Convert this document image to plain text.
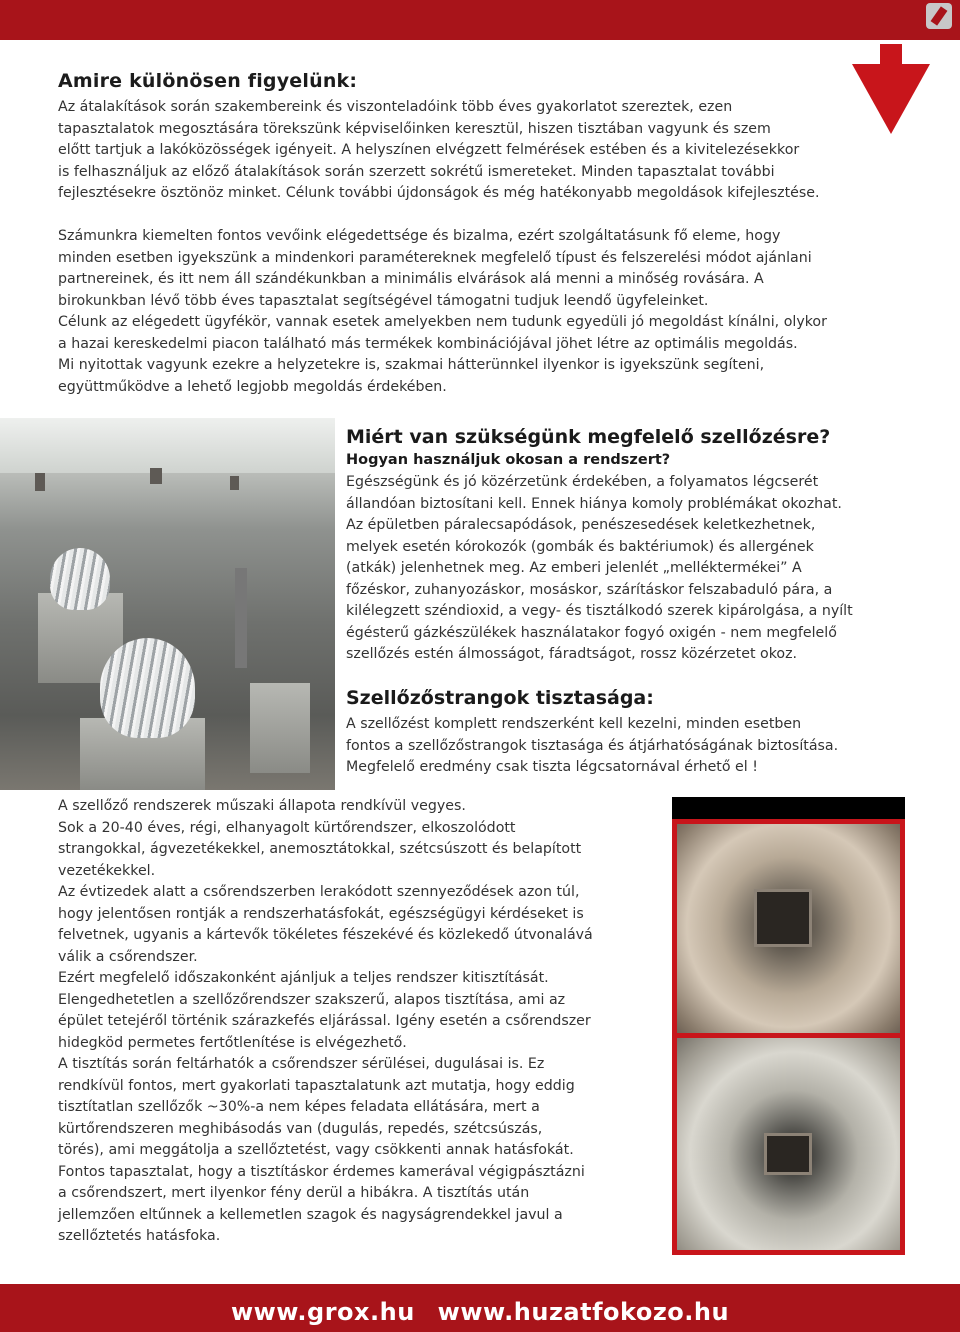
Amire különösen figyelünk:

Az átalakítások során szakembereink és viszonteladóink több éves gyakorlatot szereztek, ezen
tapasztalatok megosztására törekszünk képviselőinken keresztül, hiszen tisztában vagyunk és szem
előtt tartjuk a lakóközösségek igényeit. A helyszínen elvégzett felmérések estében és a kivitelezésekkor
is felhasználjuk az előző átalakítások során szerzett sokrétű ismereteket. Minden tapasztalat további
fejlesztésekre ösztönöz minket. Célunk további újdonságok és még hatékonyabb megoldások kifejlesztése.

Számunkra kiemelten fontos vevőink elégedettsége és bizalma, ezért szolgáltatásunk fő eleme, hogy
minden esetben igyekszünk a mindenkori paramétereknek megfelelő típust és felszerelési módot ajánlani
partnereinek, és itt nem áll szándékunkban a minimális elvárások alá menni a minőség rovására. A
birokunkban lévő több éves tapasztalat segítségével támogatni tudjuk leendő ügyfeleinket.
Célunk az elégedett ügyfékör, vannak esetek amelyekben nem tudunk egyedüli jó megoldást kínálni, olykor
a hazai kereskedelmi piacon található más termékek kombinációjával jöhet létre az optimális megoldás.
Mi nyitottak vagyunk ezekre a helyzetekre is, szakmai hátterünnkel ilyenkor is igyekszünk segíteni,
együttműködve a lehető legjobb megoldás érdekében.

Miért van szükségünk megfelelő szellőzésre?
Hogyan használjuk okosan a rendszert?

Egészségünk és jó közérzetünk érdekében, a folyamatos légcserét
állandóan biztosítani kell. Ennek hiánya komoly problémákat okozhat.
Az épületben páralecsapódások, penészesedések keletkezhetnek,
melyek esetén kórokozók (gombák és baktériumok) és allergének
(atkák) jelenhetnek meg. Az emberi jelenlét „melléktermékei” A
főzéskor, zuhanyozáskor, mosáskor, szárításkor felszabaduló pára, a
kilélegzett széndioxid, a vegy- és tisztálkodó szerek kipárolgása, a nyílt
égésterű gázkészülékek használatakor fogyó oxigén - nem megfelelő
szellőzés estén álmosságot, fáradtságot, rossz közérzetet okoz.

Szellőzőstrangok tisztasága:

A szellőzést komplett rendszerként kell kezelni, minden esetben
fontos a szellőzőstrangok tisztasága és átjárhatóságának biztosítása.
Megfelelő eredmény csak tiszta légcsatornával érhető el !

A szellőző rendszerek műszaki állapota rendkívül vegyes.
Sok a 20-40 éves, régi, elhanyagolt kürtőrendszer, elkoszolódott
strangokkal, ágvezetékekkel, anemosztátokkal, szétcsúszott és belapított
vezetékekkel.
Az évtizedek alatt a csőrendszerben lerakódott szennyeződések azon túl,
hogy jelentősen rontják a rendszerhatásfokát, egészségügyi kérdéseket is
felvetnek, ugyanis a kártevők tökéletes fészekévé és közlekedő útvonalává
válik a csőrendszer.
Ezért megfelelő időszakonként ajánljuk a teljes rendszer kitisztítását.
Elengedhetetlen a szellőzőrendszer szakszerű, alapos tisztítása, ami az
épület tetejéről történik szárazkefés eljárással. Igény esetén a csőrendszer
hidegköd permetes fertőtlenítése is elvégezhető.
A tisztítás során feltárhatók a csőrendszer sérülései, dugulásai is. Ez
rendkívül fontos, mert gyakorlati tapasztalatunk azt mutatja, hogy eddig
tisztítatlan szellőzők ~30%-a nem képes feladata ellátására, mert a
kürtőrendszeren meghibásodás van (dugulás, repedés, szétcsúszás,
törés), ami meggátolja a szellőztetést, vagy csökkenti annak hatásfokát.
Fontos tapasztalat, hogy a tisztításkor érdemes kamerával végigpásztázni
a csőrendszert, mert ilyenkor fény derül a hibákra. A tisztítás után
jellemzően eltűnnek a kellemetlen szagok és nagyságrendekkel javul a
szellőztetés hatásfoka.

tisztítás előtt strang eldugult becsatlakozóval
tiszta strang eldugult becsatlakozó
www.grox.hu www.huzatfokozo.hu
